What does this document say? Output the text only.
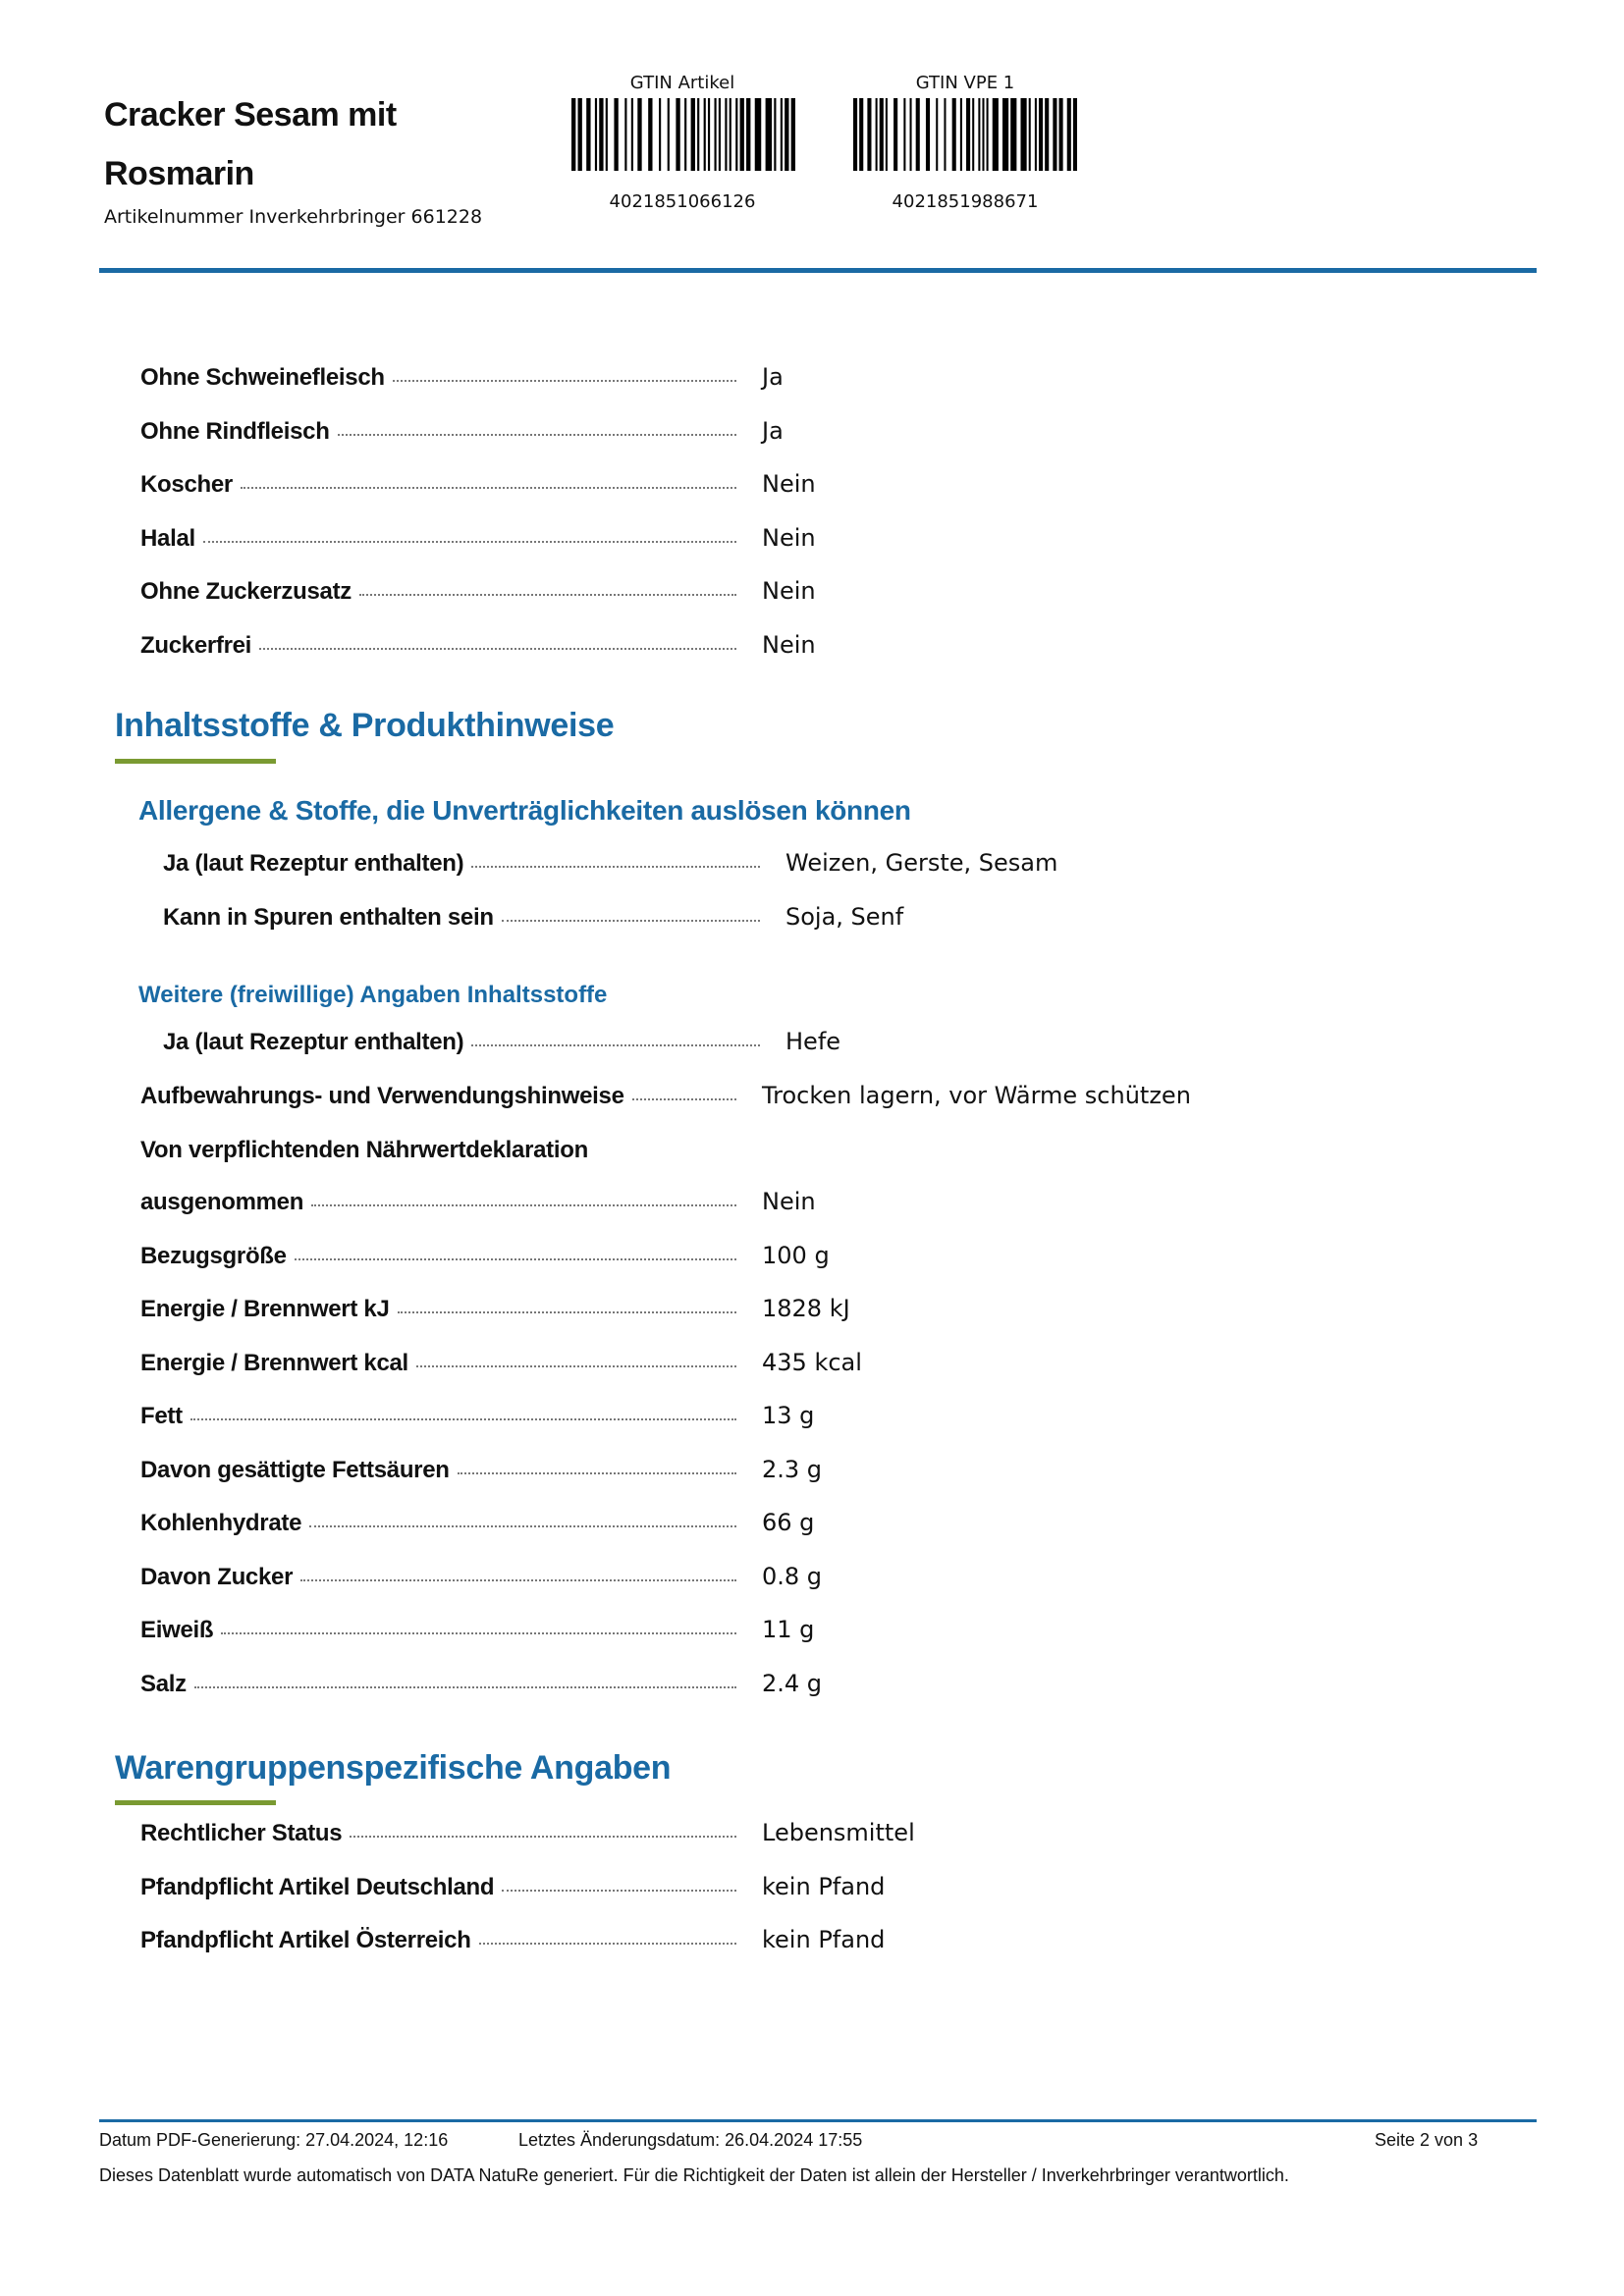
Cracker Sesam mit
Rosmarin
Artikelnummer Inverkehrbringer 661228
GTIN Artikel
4021851066126
GTIN VPE 1
4021851988671
Ohne Schweinefleisch	Ja
Ohne Rindfleisch	Ja
Koscher	Nein
Halal	Nein
Ohne Zuckerzusatz	Nein
Zuckerfrei	Nein
Inhaltsstoffe & Produkthinweise
Allergene & Stoffe, die Unverträglichkeiten auslösen können
Ja (laut Rezeptur enthalten)	Weizen, Gerste, Sesam
Kann in Spuren enthalten sein	Soja, Senf
Weitere (freiwillige) Angaben Inhaltsstoffe
Ja (laut Rezeptur enthalten)	Hefe
Aufbewahrungs- und Verwendungshinweise	Trocken lagern, vor Wärme schützen
Von verpflichtenden Nährwertdeklaration
ausgenommen	Nein
Bezugsgröße	100 g
Energie / Brennwert kJ	1828 kJ
Energie / Brennwert kcal	435 kcal
Fett	13 g
Davon gesättigte Fettsäuren	2.3 g
Kohlenhydrate	66 g
Davon Zucker	0.8 g
Eiweiß	11 g
Salz	2.4 g
Warengruppenspezifische Angaben
Rechtlicher Status	Lebensmittel
Pfandpflicht Artikel Deutschland	kein Pfand
Pfandpflicht Artikel Österreich	kein Pfand
Datum PDF-Generierung: 27.04.2024, 12:16	Letztes Änderungsdatum: 26.04.2024 17:55	Seite 2 von 3
Dieses Datenblatt wurde automatisch von DATA NatuRe generiert. Für die Richtigkeit der Daten ist allein der Hersteller / Inverkehrbringer verantwortlich.
